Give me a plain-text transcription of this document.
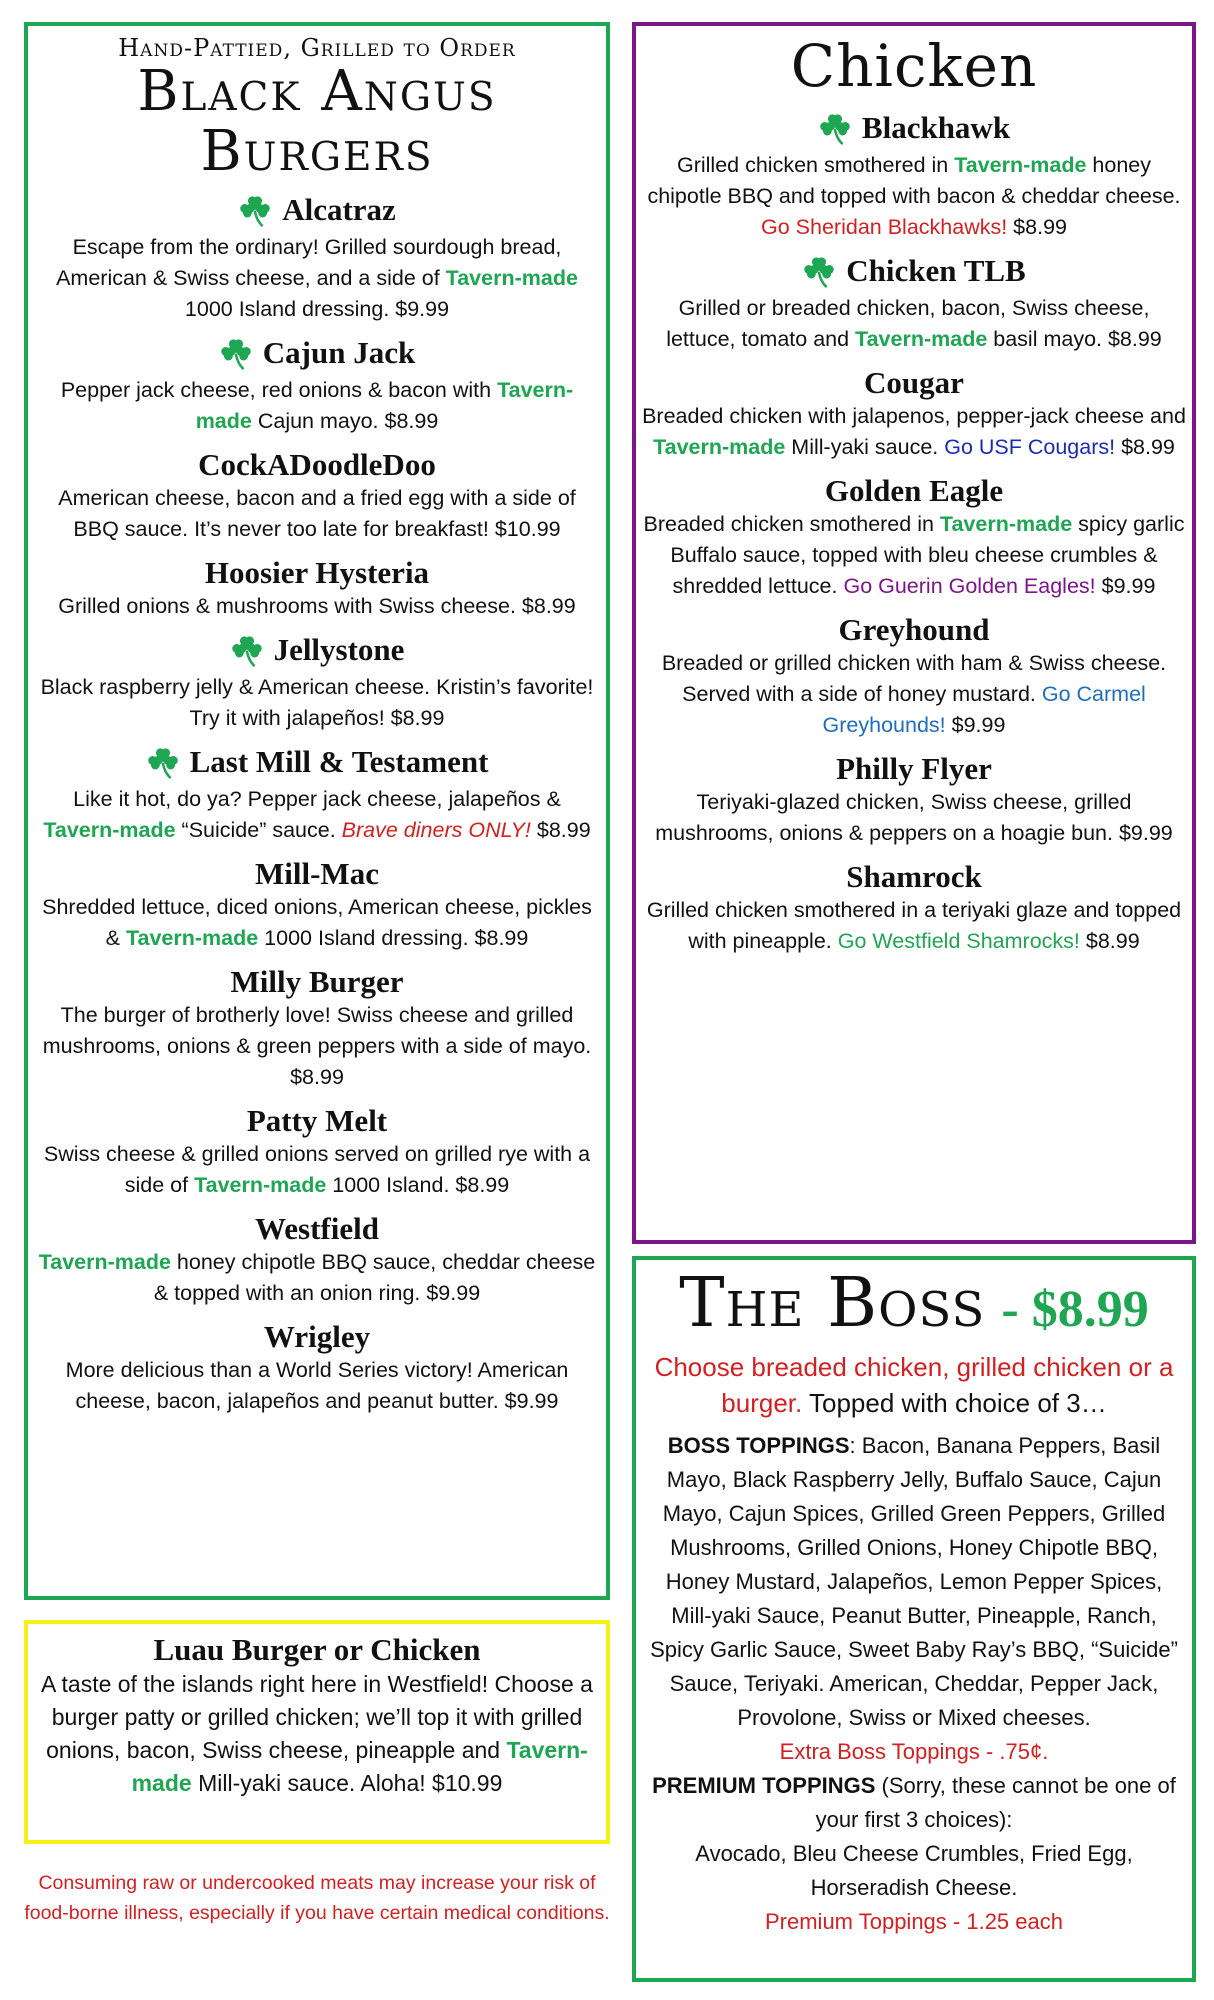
Hand-Pattied, Grilled to Order
Black Angus
Burgers
Alcatraz
Escape from the ordinary! Grilled sourdough bread, American & Swiss cheese, and a side of Tavern-made 1000 Island dressing. $9.99
Cajun Jack
Pepper jack cheese, red onions & bacon with Tavern-made Cajun mayo. $8.99
CockADoodleDoo
American cheese, bacon and a fried egg with a side of BBQ sauce. It’s never too late for breakfast! $10.99
Hoosier Hysteria
Grilled onions & mushrooms with Swiss cheese. $8.99
Jellystone
Black raspberry jelly & American cheese. Kristin’s favorite! Try it with jalapeños! $8.99
Last Mill & Testament
Like it hot, do ya? Pepper jack cheese, jalapeños & Tavern-made “Suicide” sauce. Brave diners ONLY! $8.99
Mill-Mac
Shredded lettuce, diced onions, American cheese, pickles & Tavern-made 1000 Island dressing. $8.99
Milly Burger
The burger of brotherly love! Swiss cheese and grilled mushrooms, onions & green peppers with a side of mayo. $8.99
Patty Melt
Swiss cheese & grilled onions served on grilled rye with a side of Tavern-made 1000 Island. $8.99
Westfield
Tavern-made honey chipotle BBQ sauce, cheddar cheese & topped with an onion ring. $9.99
Wrigley
More delicious than a World Series victory! American cheese, bacon, jalapeños and peanut butter. $9.99
Luau Burger or Chicken
A taste of the islands right here in Westfield! Choose a burger patty or grilled chicken; we’ll top it with grilled onions, bacon, Swiss cheese, pineapple and Tavern-made Mill-yaki sauce. Aloha! $10.99
Consuming raw or undercooked meats may increase your risk of food-borne illness, especially if you have certain medical conditions.
Chicken
Blackhawk
Grilled chicken smothered in Tavern-made honey chipotle BBQ and topped with bacon & cheddar cheese. Go Sheridan Blackhawks! $8.99
Chicken TLB
Grilled or breaded chicken, bacon, Swiss cheese, lettuce, tomato and Tavern-made basil mayo. $8.99
Cougar
Breaded chicken with jalapenos, pepper-jack cheese and Tavern-made Mill-yaki sauce. Go USF Cougars! $8.99
Golden Eagle
Breaded chicken smothered in Tavern-made spicy garlic Buffalo sauce, topped with bleu cheese crumbles & shredded lettuce. Go Guerin Golden Eagles! $9.99
Greyhound
Breaded or grilled chicken with ham & Swiss cheese. Served with a side of honey mustard. Go Carmel Greyhounds! $9.99
Philly Flyer
Teriyaki-glazed chicken, Swiss cheese, grilled mushrooms, onions & peppers on a hoagie bun. $9.99
Shamrock
Grilled chicken smothered in a teriyaki glaze and topped with pineapple. Go Westfield Shamrocks! $8.99
The Boss - $8.99
Choose breaded chicken, grilled chicken or a burger. Topped with choice of 3…
BOSS TOPPINGS: Bacon, Banana Peppers, Basil Mayo, Black Raspberry Jelly, Buffalo Sauce, Cajun Mayo, Cajun Spices, Grilled Green Peppers, Grilled Mushrooms, Grilled Onions, Honey Chipotle BBQ, Honey Mustard, Jalapeños, Lemon Pepper Spices, Mill-yaki Sauce, Peanut Butter, Pineapple, Ranch, Spicy Garlic Sauce, Sweet Baby Ray’s BBQ, “Suicide” Sauce, Teriyaki. American, Cheddar, Pepper Jack, Provolone, Swiss or Mixed cheeses.
Extra Boss Toppings - .75¢.
PREMIUM TOPPINGS (Sorry, these cannot be one of your first 3 choices):
Avocado, Bleu Cheese Crumbles, Fried Egg, Horseradish Cheese.
Premium Toppings - 1.25 each
